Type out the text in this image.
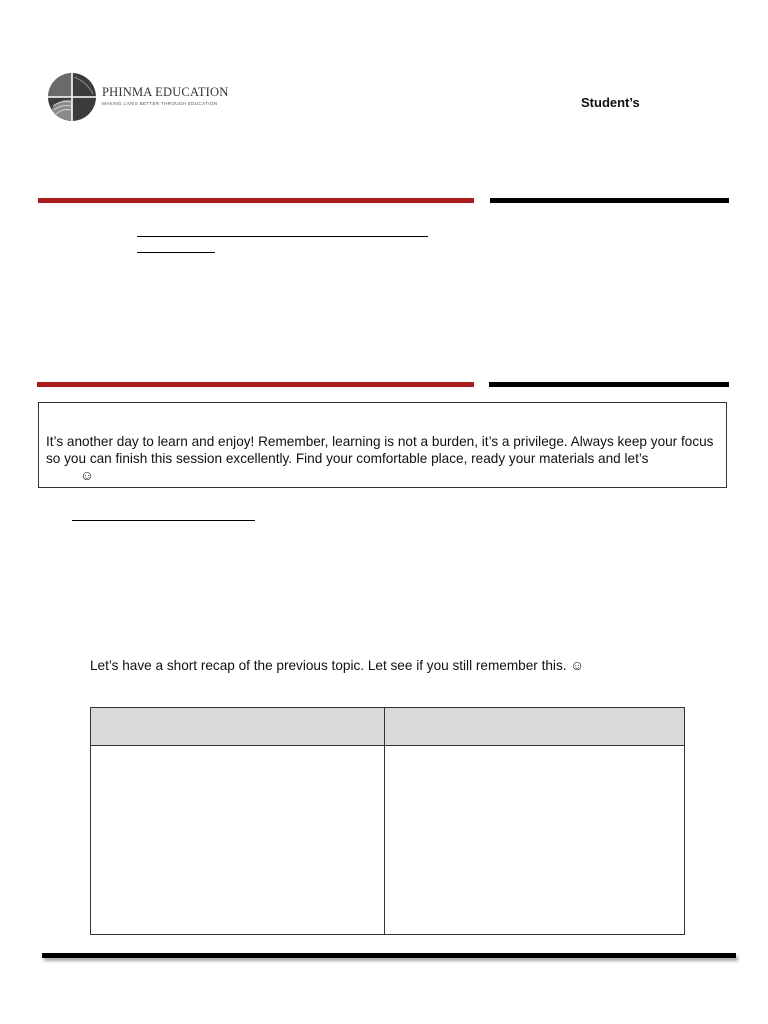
PHINMA EDUCATION
MAKING LIVES BETTER THROUGH EDUCATION	Student’s
It’s another day to learn and enjoy! Remember, learning is not a burden, it’s a privilege. Always keep your focus so you can finish this session excellently. Find your comfortable place, ready your materials and let’s
☺
Let’s have a short recap of the previous topic. Let see if you still remember this. ☺
